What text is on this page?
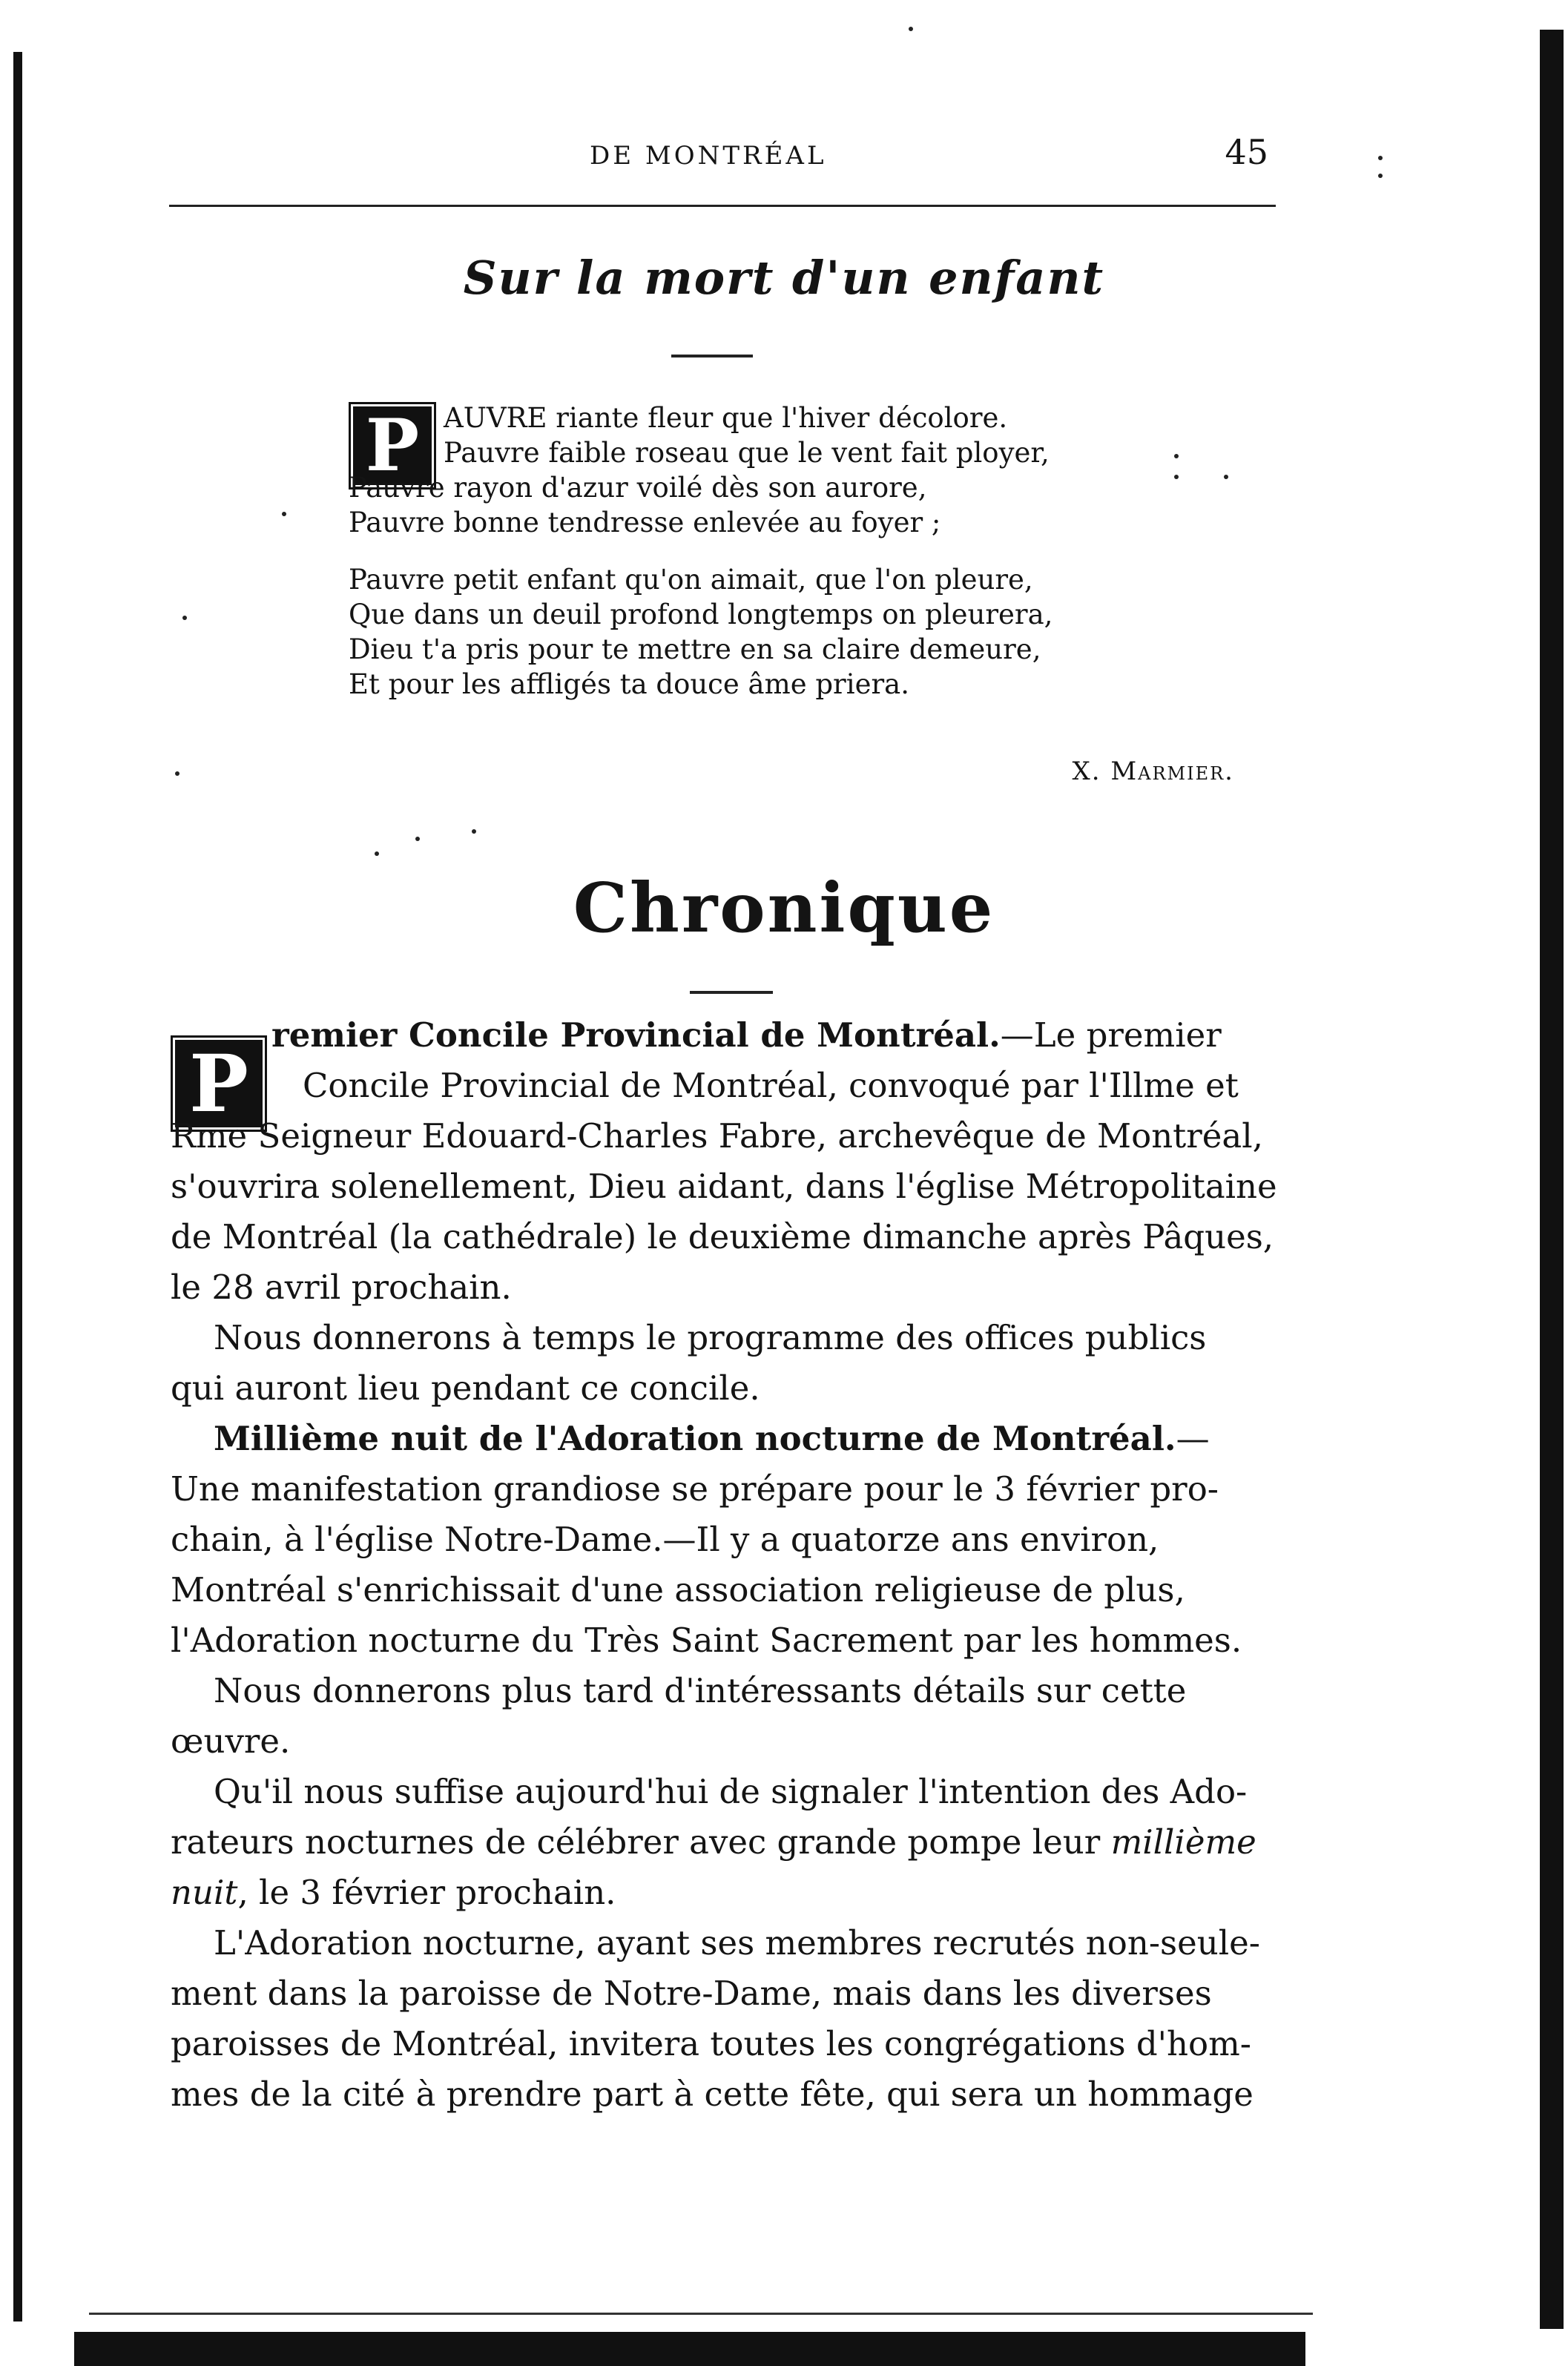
DE MONTRÉAL	45
Sur la mort d'un enfant
P AUVRE riante fleur que l'hiver décolore.
Pauvre faible roseau que le vent fait ployer,
Pauvre rayon d'azur voilé dès son aurore,
Pauvre bonne tendresse enlevée au foyer ;
Pauvre petit enfant qu'on aimait, que l'on pleure,
Que dans un deuil profond longtemps on pleurera,
Dieu t'a pris pour te mettre en sa claire demeure,
Et pour les affligés ta douce âme priera.
X. Marmier.
Chronique
P
remier Concile Provincial de Montréal.—Le premier
Concile Provincial de Montréal, convoqué par l'Illme et
Rme Seigneur Edouard-Charles Fabre, archevêque de Montréal,
s'ouvrira solenellement, Dieu aidant, dans l'église Métropolitaine
de Montréal (la cathédrale) le deuxième dimanche après Pâques,
le 28 avril prochain.
Nous donnerons à temps le programme des offices publics
qui auront lieu pendant ce concile.
Millième nuit de l'Adoration nocturne de Montréal.—
Une manifestation grandiose se prépare pour le 3 février pro-
chain, à l'église Notre-Dame.—Il y a quatorze ans environ,
Montréal s'enrichissait d'une association religieuse de plus,
l'Adoration nocturne du Très Saint Sacrement par les hommes.
Nous donnerons plus tard d'intéressants détails sur cette
œuvre.
Qu'il nous suffise aujourd'hui de signaler l'intention des Ado-
rateurs nocturnes de célébrer avec grande pompe leur millième
nuit, le 3 février prochain.
L'Adoration nocturne, ayant ses membres recrutés non-seule-
ment dans la paroisse de Notre-Dame, mais dans les diverses
paroisses de Montréal, invitera toutes les congrégations d'hom-
mes de la cité à prendre part à cette fête, qui sera un hommage
